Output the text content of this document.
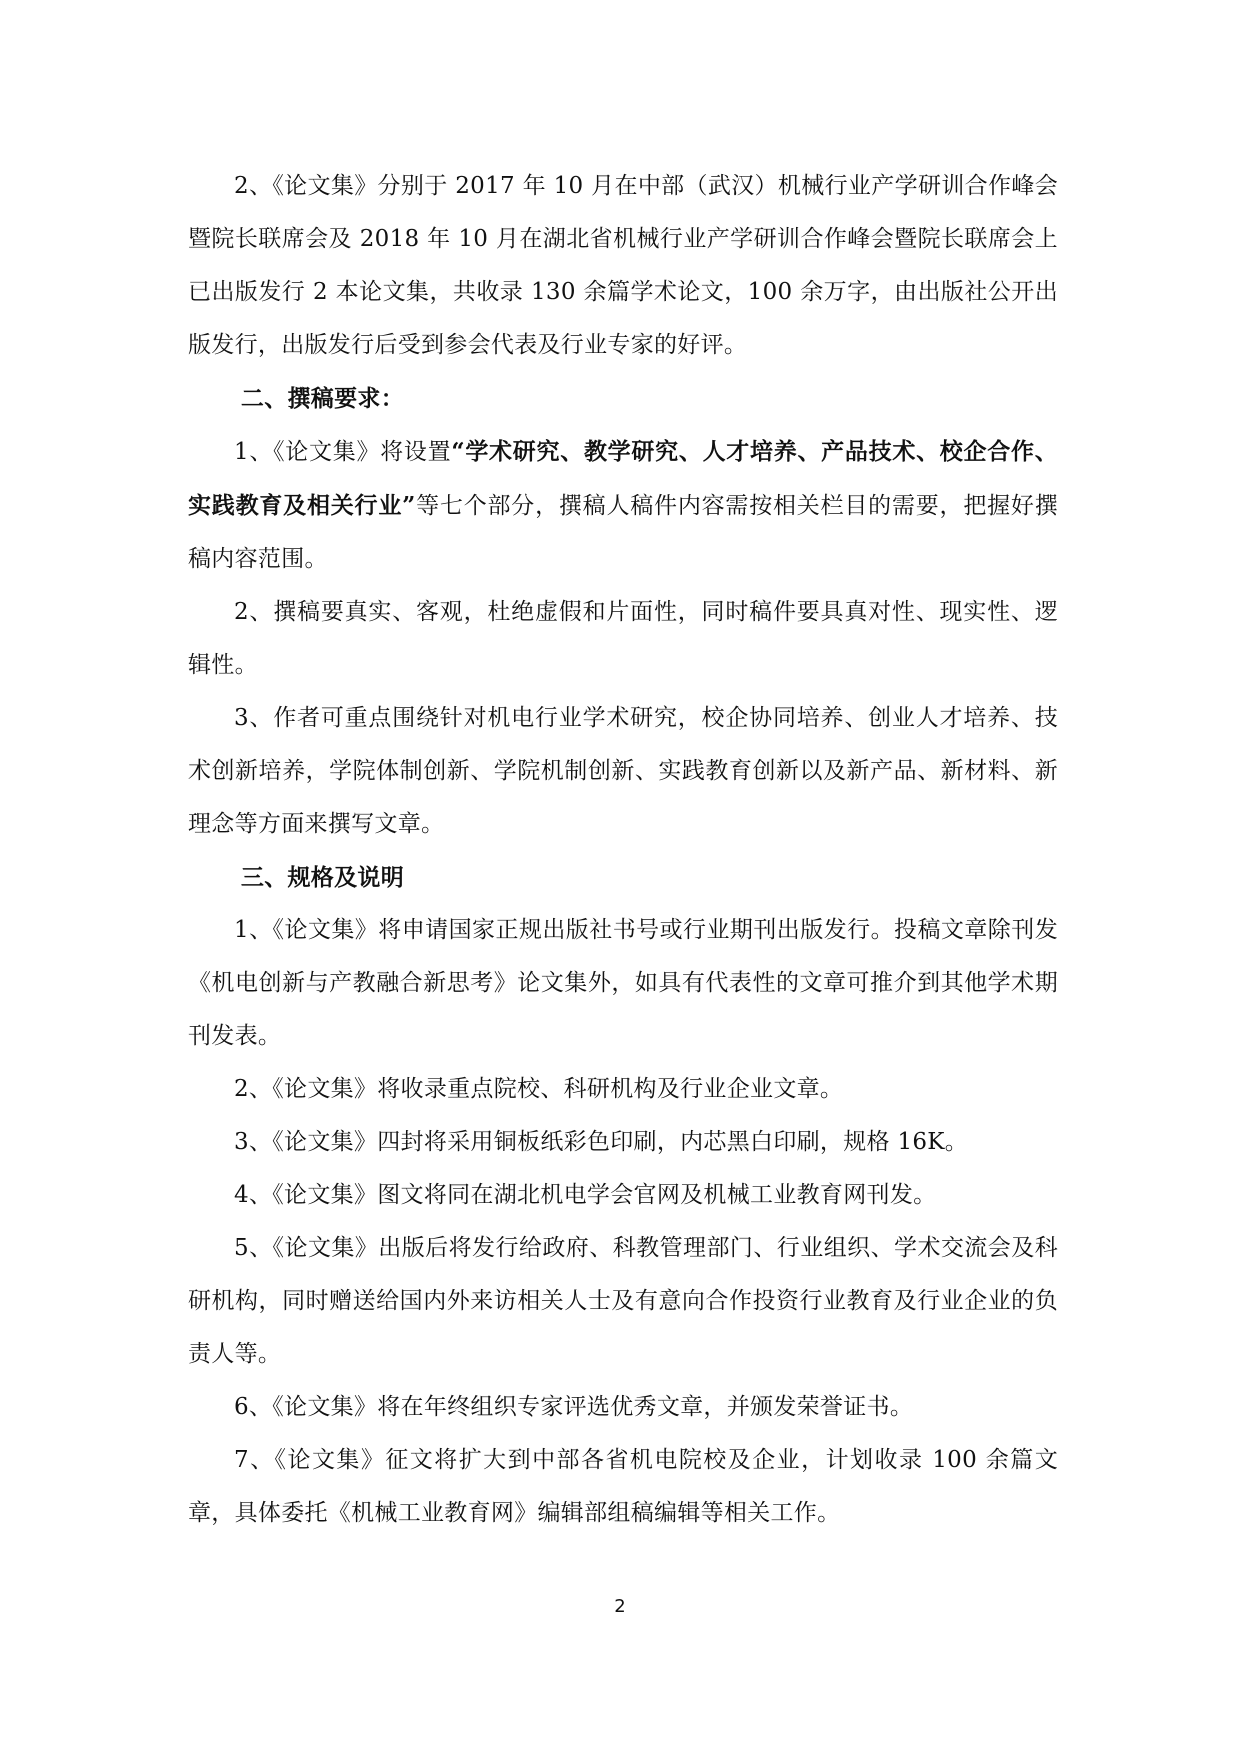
2、《论文集》分别于 2017 年 10 月在中部（武汉）机械行业产学研训合作峰会暨院长联席会及 2018 年 10 月在湖北省机械行业产学研训合作峰会暨院长联席会上已出版发行 2 本论文集，共收录 130 余篇学术论文，100 余万字，由出版社公开出版发行，出版发行后受到参会代表及行业专家的好评。

二、撰稿要求：

1、《论文集》将设置“学术研究、教学研究、人才培养、产品技术、校企合作、实践教育及相关行业”等七个部分，撰稿人稿件内容需按相关栏目的需要，把握好撰稿内容范围。

2、撰稿要真实、客观，杜绝虚假和片面性，同时稿件要具真对性、现实性、逻辑性。

3、作者可重点围绕针对机电行业学术研究，校企协同培养、创业人才培养、技术创新培养，学院体制创新、学院机制创新、实践教育创新以及新产品、新材料、新理念等方面来撰写文章。

三、规格及说明

1、《论文集》将申请国家正规出版社书号或行业期刊出版发行。投稿文章除刊发《机电创新与产教融合新思考》论文集外，如具有代表性的文章可推介到其他学术期刊发表。

2、《论文集》将收录重点院校、科研机构及行业企业文章。

3、《论文集》四封将采用铜板纸彩色印刷，内芯黑白印刷，规格 16K。

4、《论文集》图文将同在湖北机电学会官网及机械工业教育网刊发。

5、《论文集》出版后将发行给政府、科教管理部门、行业组织、学术交流会及科研机构，同时赠送给国内外来访相关人士及有意向合作投资行业教育及行业企业的负责人等。

6、《论文集》将在年终组织专家评选优秀文章，并颁发荣誉证书。

7、《论文集》征文将扩大到中部各省机电院校及企业，计划收录 100 余篇文章，具体委托《机械工业教育网》编辑部组稿编辑等相关工作。

2
